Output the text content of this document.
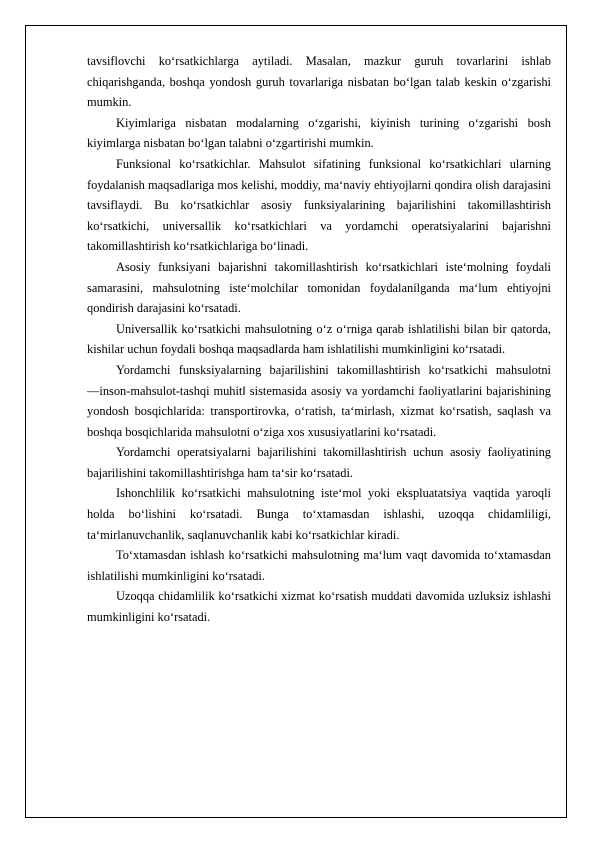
tavsiflovchi ko‘rsatkichlarga aytiladi. Masalan, mazkur guruh tovarlarini ishlab chiqarishganda, boshqa yondosh guruh tovarlariga nisbatan bo‘lgan talab keskin o‘zgarishi mumkin.

Kiyimlariga nisbatan modalarning o‘zgarishi, kiyinish turining o‘zgarishi bosh kiyimlarga nisbatan bo‘lgan talabni o‘zgartirishi mumkin.

Funksional ko‘rsatkichlar. Mahsulot sifatining funksional ko‘rsatkichlari ularning foydalanish maqsadlariga mos kelishi, moddiy, ma‘naviy ehtiyojlarni qondira olish darajasini tavsiflaydi. Bu ko‘rsatkichlar asosiy funksiyalarining bajarilishini takomillashtirish ko‘rsatkichi, universallik ko‘rsatkichlari va yordamchi operatsiyalarini bajarishni takomillashtirish ko‘rsatkichlariga bo‘linadi.

Asosiy funksiyani bajarishni takomillashtirish ko‘rsatkichlari iste‘molning foydali samarasini, mahsulotning iste‘molchilar tomonidan foydalanilganda ma‘lum ehtiyojni qondirish darajasini ko‘rsatadi.

Universallik ko‘rsatkichi mahsulotning o‘z o‘rniga qarab ishlatilishi bilan bir qatorda, kishilar uchun foydali boshqa maqsadlarda ham ishlatilishi mumkinligini ko‘rsatadi.

Yordamchi funsksiyalarning bajarilishini takomillashtirish ko‘rsatkichi mahsulotni ―inson-mahsulot-tashqi muhit‖ sistemasida asosiy va yordamchi faoliyatlarini bajarishining yondosh bosqichlarida: transportirovka, o‘ratish, ta‘mirlash, xizmat ko‘rsatish, saqlash va boshqa bosqichlarida mahsulotni o‘ziga xos xususiyatlarini ko‘rsatadi.

Yordamchi operatsiyalarni bajarilishini takomillashtirish uchun asosiy faoliyatining bajarilishini takomillashtirishga ham ta‘sir ko‘rsatadi.

Ishonchlilik ko‘rsatkichi mahsulotning iste‘mol yoki ekspluatatsiya vaqtida yaroqli holda bo‘lishini ko‘rsatadi. Bunga to‘xtamasdan ishlashi, uzoqqa chidamliligi, ta‘mirlanuvchanlik, saqlanuvchanlik kabi ko‘rsatkichlar kiradi.

To‘xtamasdan ishlash ko‘rsatkichi mahsulotning ma‘lum vaqt davomida to‘xtamasdan ishlatilishi mumkinligini ko‘rsatadi.

Uzoqqa chidamlilik ko‘rsatkichi xizmat ko‘rsatish muddati davomida uzluksiz ishlashi mumkinligini ko‘rsatadi.
